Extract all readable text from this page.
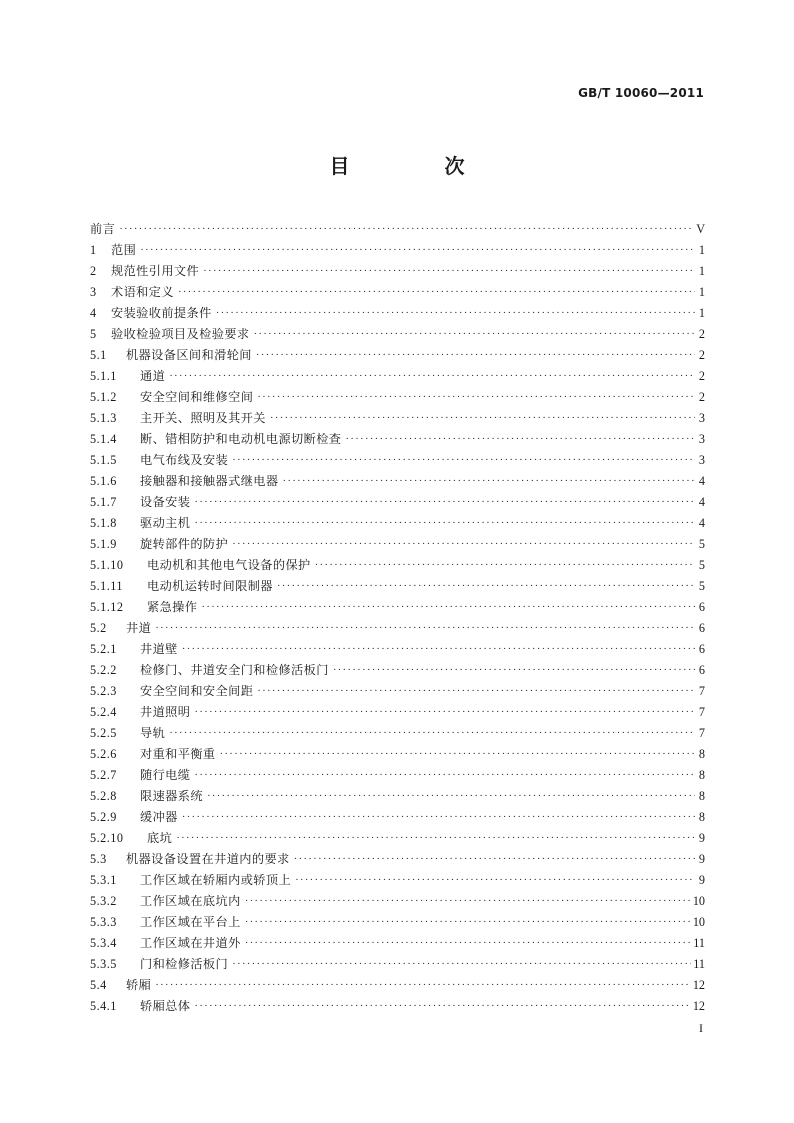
GB/T 10060—2011
目 次
前言 ·····	V
1	范围 ·····	1
2	规范性引用文件 ·····	1
3	术语和定义 ·····	1
4	安装验收前提条件 ·····	1
5	验收检验项目及检验要求 ·····	2
5.1	机器设备区间和滑轮间 ·····	2
5.1.1	通道 ·····	2
5.1.2	安全空间和维修空间 ·····	2
5.1.3	主开关、照明及其开关 ·····	3
5.1.4	断、错相防护和电动机电源切断检查 ·····	3
5.1.5	电气布线及安装 ·····	3
5.1.6	接触器和接触器式继电器 ·····	4
5.1.7	设备安装 ·····	4
5.1.8	驱动主机 ·····	4
5.1.9	旋转部件的防护 ·····	5
5.1.10	电动机和其他电气设备的保护 ·····	5
5.1.11	电动机运转时间限制器 ·····	5
5.1.12	紧急操作 ·····	6
5.2	井道 ·····	6
5.2.1	井道壁 ·····	6
5.2.2	检修门、井道安全门和检修活板门 ·····	6
5.2.3	安全空间和安全间距 ·····	7
5.2.4	井道照明 ·····	7
5.2.5	导轨 ·····	7
5.2.6	对重和平衡重 ·····	8
5.2.7	随行电缆 ·····	8
5.2.8	限速器系统 ·····	8
5.2.9	缓冲器 ·····	8
5.2.10	底坑 ·····	9
5.3	机器设备设置在井道内的要求 ·····	9
5.3.1	工作区域在轿厢内或轿顶上 ·····	9
5.3.2	工作区域在底坑内 ·····	10
5.3.3	工作区域在平台上 ·····	10
5.3.4	工作区域在井道外 ·····	11
5.3.5	门和检修活板门 ·····	11
5.4	轿厢 ·····	12
5.4.1	轿厢总体 ·····	12
I
